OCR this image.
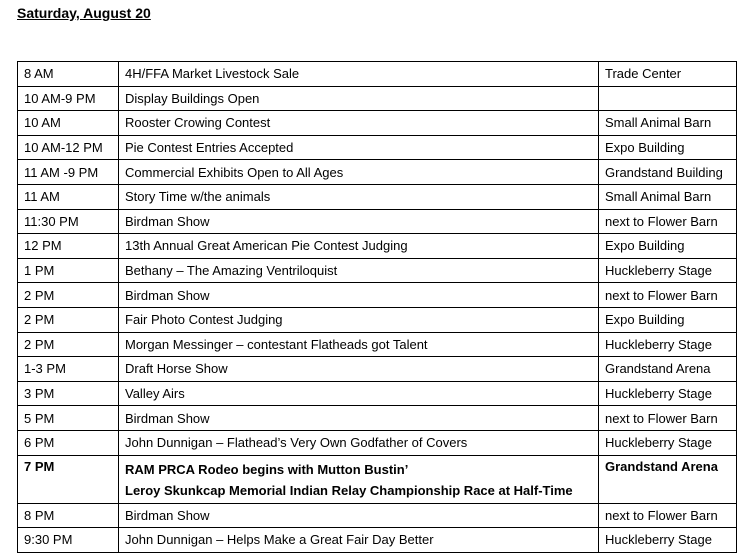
Saturday, August 20
8 AM	4H/FFA Market Livestock Sale	Trade Center
10 AM-9 PM	Display Buildings Open	
10 AM	Rooster Crowing Contest	Small Animal Barn
10 AM-12 PM	Pie Contest Entries Accepted	Expo Building
11 AM -9 PM	Commercial Exhibits Open to All Ages	Grandstand Building
11 AM	Story Time w/the animals	Small Animal Barn
11:30 PM	Birdman Show	next to Flower Barn
12 PM	13th Annual Great American Pie Contest Judging	Expo Building
1 PM	Bethany – The Amazing Ventriloquist	Huckleberry Stage
2 PM	Birdman Show	next to Flower Barn
2 PM	Fair Photo Contest Judging	Expo Building
2 PM	Morgan Messinger – contestant Flatheads got Talent	Huckleberry Stage
1-3 PM	Draft Horse Show	Grandstand Arena
3 PM	Valley Airs	Huckleberry Stage
5 PM	Birdman Show	next to Flower Barn
6 PM	John Dunnigan – Flathead’s Very Own Godfather of Covers	Huckleberry Stage
7 PM	RAM PRCA Rodeo begins with Mutton Bustin’
Leroy Skunkcap Memorial Indian Relay Championship Race at Half-Time	Grandstand Arena
8 PM	Birdman Show	next to Flower Barn
9:30 PM	John Dunnigan – Helps Make a Great Fair Day Better	Huckleberry Stage
